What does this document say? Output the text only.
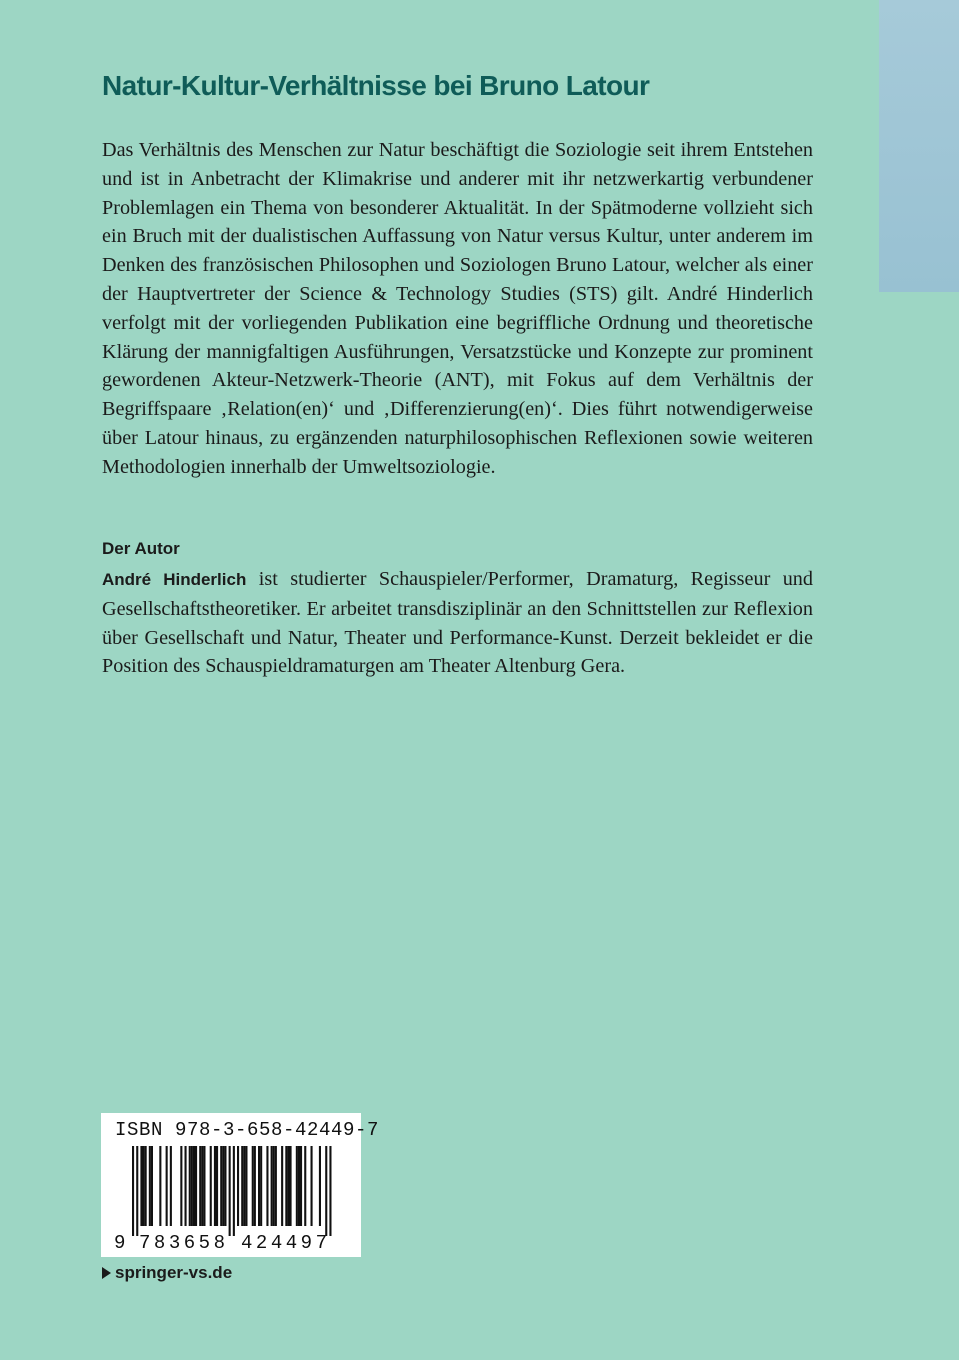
Natur-Kultur-Verhältnisse bei Bruno Latour

Das Verhältnis des Menschen zur Natur beschäftigt die Soziologie seit ihrem Entstehen und ist in Anbetracht der Klimakrise und anderer mit ihr netzwerkartig verbundener Problemlagen ein Thema von besonderer Aktualität. In der Spätmoderne vollzieht sich ein Bruch mit der dualistischen Auffassung von Natur versus Kultur, unter anderem im Denken des französischen Philosophen und Soziologen Bruno Latour, welcher als einer der Hauptvertreter der Science & Technology Studies (STS) gilt. André Hinderlich verfolgt mit der vorliegenden Publikation eine begriffliche Ordnung und theoretische Klärung der mannigfaltigen Ausführungen, Versatzstücke und Konzepte zur prominent gewordenen Akteur-Netzwerk-Theorie (ANT), mit Fokus auf dem Verhältnis der Begriffspaare ‚Relation(en)‘ und ‚Differenzierung(en)‘. Dies führt notwendigerweise über Latour hinaus, zu ergänzenden naturphilosophischen Reflexionen sowie weiteren Methodologien innerhalb der Umweltsoziologie.

Der Autor

André Hinderlich ist studierter Schauspieler/Performer, Dramaturg, Regisseur und Gesellschaftstheoretiker. Er arbeitet transdisziplinär an den Schnittstellen zur Reflexion über Gesellschaft und Natur, Theater und Performance-Kunst. Derzeit bekleidet er die Position des Schauspieldramaturgen am Theater Altenburg Gera.

ISBN 978-3-658-42449-7
9 783658 424497
springer-vs.de
